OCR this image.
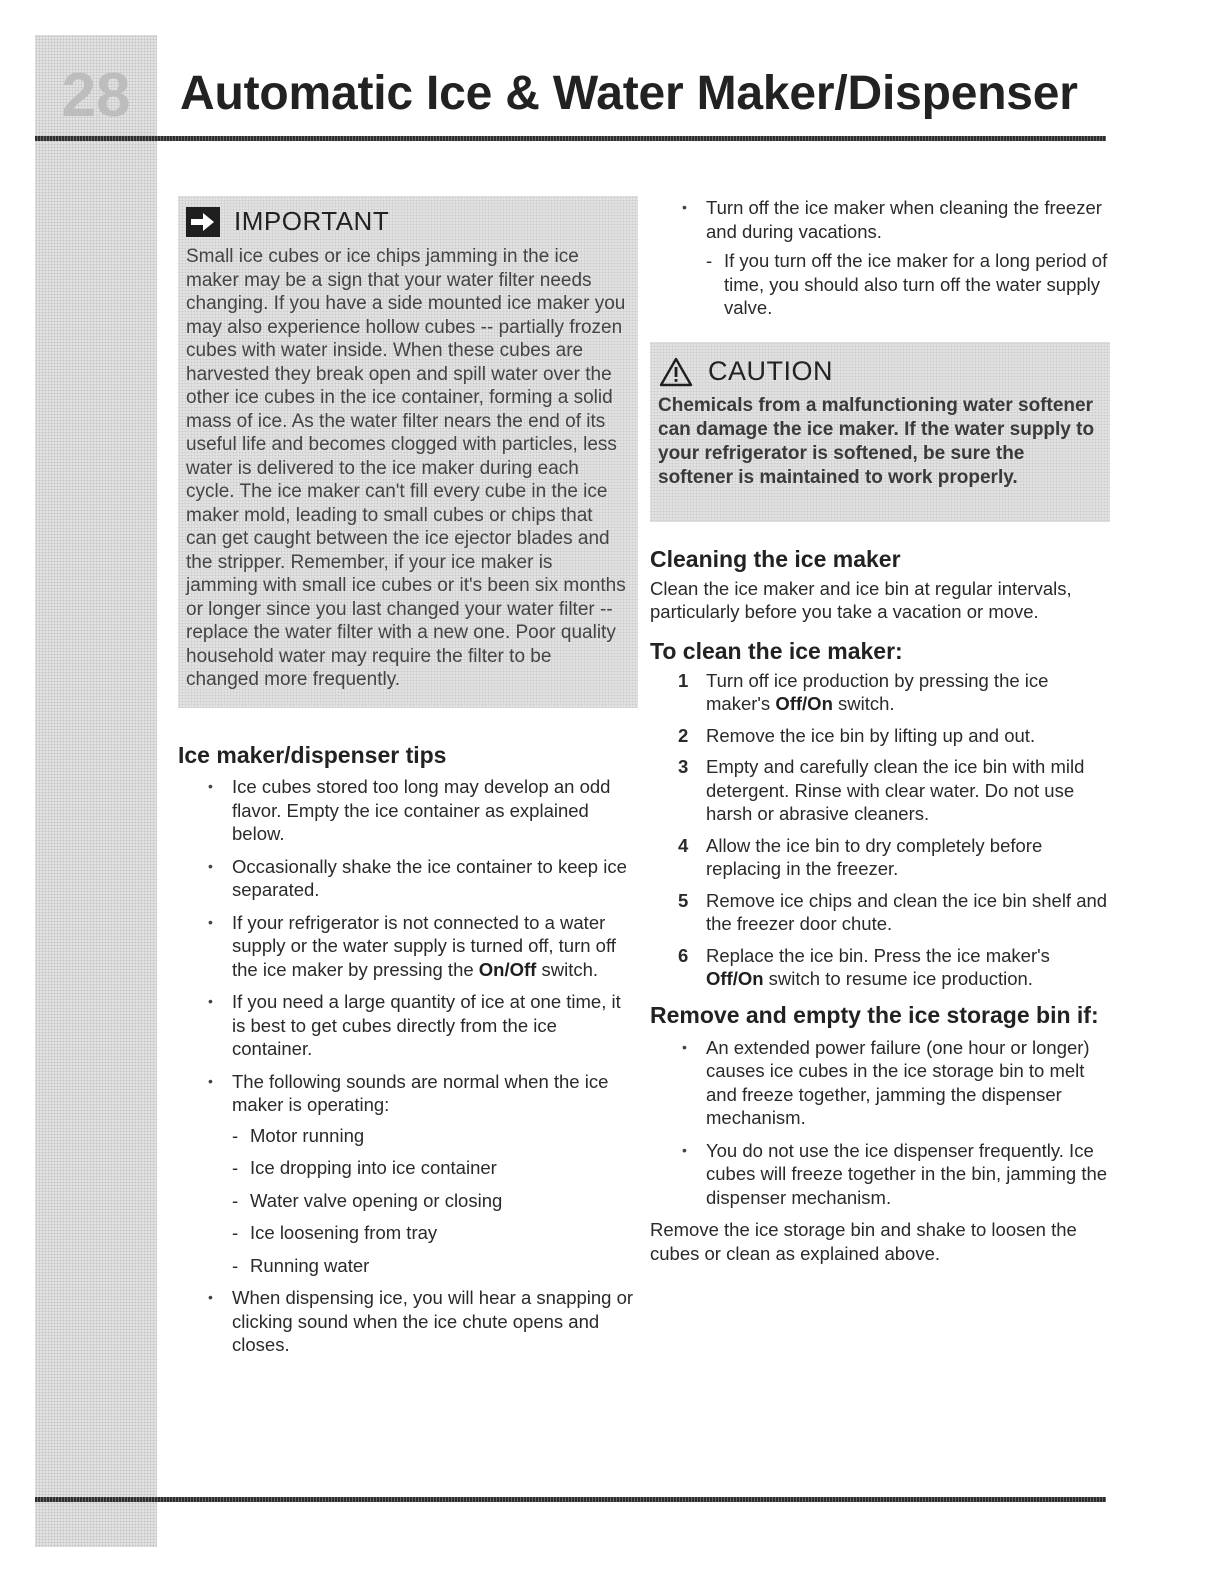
28	Automatic Ice & Water Maker/Dispenser
IMPORTANT

Small ice cubes or ice chips jamming in the ice maker may be a sign that your water filter needs changing. If you have a side mounted ice maker you may also experience hollow cubes -- partially frozen cubes with water inside. When these cubes are harvested they break open and spill water over the other ice cubes in the ice container, forming a solid mass of ice. As the water filter nears the end of its useful life and becomes clogged with particles, less water is delivered to the ice maker during each cycle. The ice maker can't fill every cube in the ice maker mold, leading to small cubes or chips that can get caught between the ice ejector blades and the stripper. Remember, if your ice maker is jamming with small ice cubes or it's been six months or longer since you last changed your water filter -- replace the water filter with a new one. Poor quality household water may require the filter to be changed more frequently.

Ice maker/dispenser tips
• Ice cubes stored too long may develop an odd flavor. Empty the ice container as explained below.
• Occasionally shake the ice container to keep ice separated.
• If your refrigerator is not connected to a water supply or the water supply is turned off, turn off the ice maker by pressing the On/Off switch.
• If you need a large quantity of ice at one time, it is best to get cubes directly from the ice container.
• The following sounds are normal when the ice maker is operating:
- Motor running
- Ice dropping into ice container
- Water valve opening or closing
- Ice loosening from tray
- Running water
• When dispensing ice, you will hear a snapping or clicking sound when the ice chute opens and closes.
• Turn off the ice maker when cleaning the freezer and during vacations.
- If you turn off the ice maker for a long period of time, you should also turn off the water supply valve.
CAUTION

Chemicals from a malfunctioning water softener can damage the ice maker. If the water supply to your refrigerator is softened, be sure the softener is maintained to work properly.

Cleaning the ice maker

Clean the ice maker and ice bin at regular intervals, particularly before you take a vacation or move.

To clean the ice maker:
1 Turn off ice production by pressing the ice maker's Off/On switch.
2 Remove the ice bin by lifting up and out.
3 Empty and carefully clean the ice bin with mild detergent. Rinse with clear water. Do not use harsh or abrasive cleaners.
4 Allow the ice bin to dry completely before replacing in the freezer.
5 Remove ice chips and clean the ice bin shelf and the freezer door chute.
6 Replace the ice bin. Press the ice maker's Off/On switch to resume ice production.
Remove and empty the ice storage bin if:
• An extended power failure (one hour or longer) causes ice cubes in the ice storage bin to melt and freeze together, jamming the dispenser mechanism.
• You do not use the ice dispenser frequently. Ice cubes will freeze together in the bin, jamming the dispenser mechanism.

Remove the ice storage bin and shake to loosen the cubes or clean as explained above.
